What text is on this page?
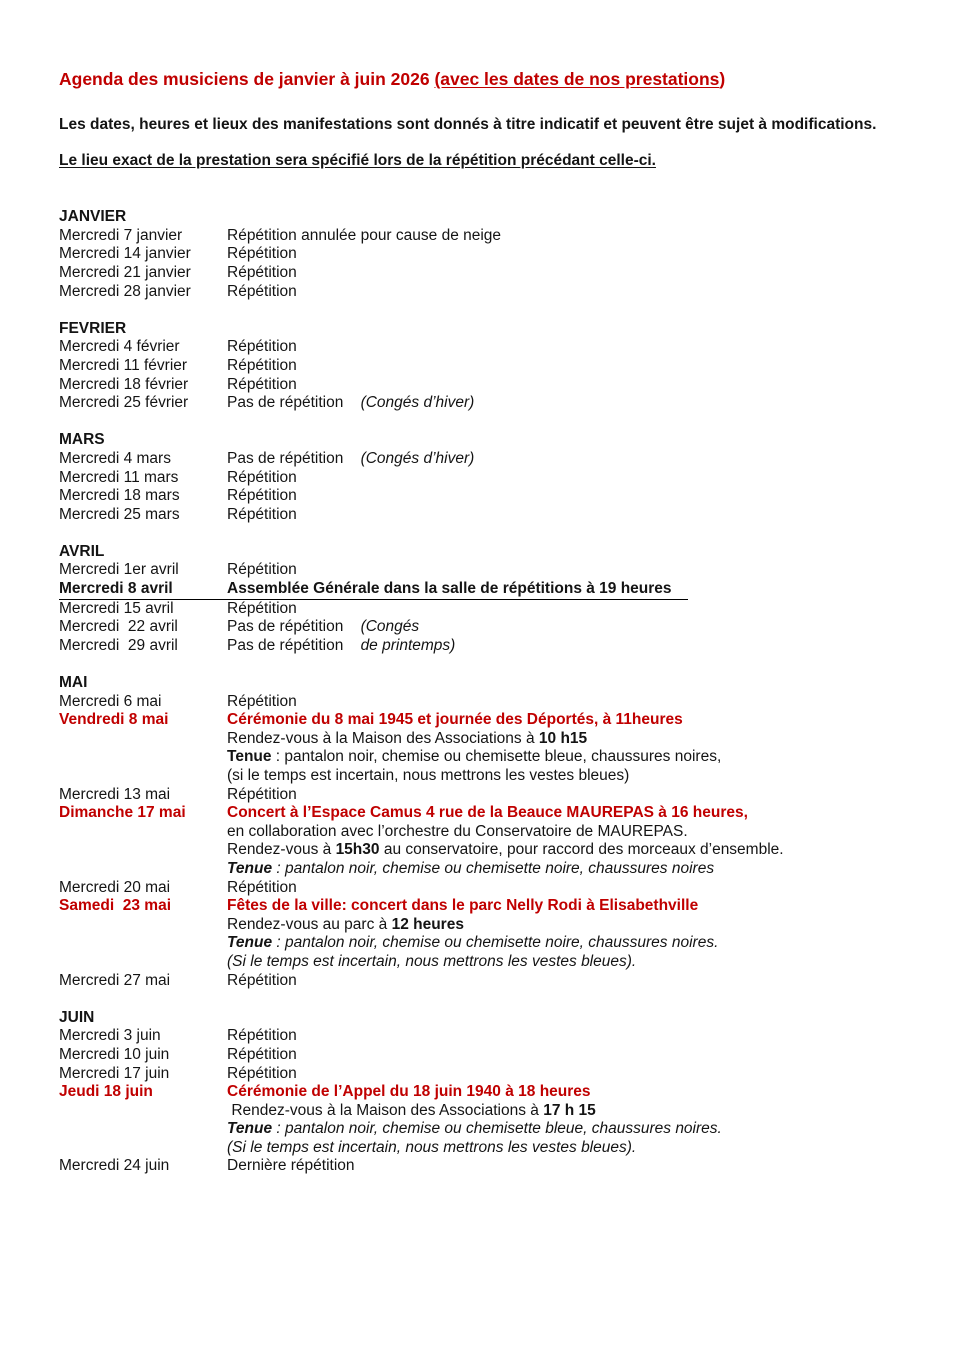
Agenda des musiciens de janvier à juin 2026 (avec les dates de nos prestations)

Les dates, heures et lieux des manifestations sont donnés à titre indicatif et peuvent être sujet à modifications.

Le lieu exact de la prestation sera spécifié lors de la répétition précédant celle-ci.

JANVIER
Mercredi 7 janvier	Répétition annulée pour cause de neige
Mercredi 14 janvier	Répétition
Mercredi 21 janvier	Répétition
Mercredi 28 janvier	Répétition
FEVRIER
Mercredi 4 février	Répétition
Mercredi 11 février	Répétition
Mercredi 18 février	Répétition
Mercredi 25 février	Pas de répétition    (Congés d’hiver)
MARS
Mercredi 4 mars	Pas de répétition    (Congés d’hiver)
Mercredi 11 mars	Répétition
Mercredi 18 mars	Répétition
Mercredi 25 mars	Répétition
AVRIL
Mercredi 1er avril	Répétition
Mercredi 8 avril	Assemblée Générale dans la salle de répétitions à 19 heures
Mercredi 15 avril	Répétition
Mercredi  22 avril	Pas de répétition    (Congés
Mercredi  29 avril	Pas de répétition    de printemps)
MAI
Mercredi 6 mai	Répétition
Vendredi 8 mai	Cérémonie du 8 mai 1945 et journée des Déportés, à 11heures
Rendez-vous à la Maison des Associations à 10 h15
Tenue : pantalon noir, chemise ou chemisette bleue, chaussures noires,
(si le temps est incertain, nous mettrons les vestes bleues)
Mercredi 13 mai	Répétition
Dimanche 17 mai	Concert à l’Espace Camus 4 rue de la Beauce MAUREPAS à 16 heures,
en collaboration avec l’orchestre du Conservatoire de MAUREPAS.
Rendez-vous à 15h30 au conservatoire, pour raccord des morceaux d’ensemble.
Tenue : pantalon noir, chemise ou chemisette noire, chaussures noires
Mercredi 20 mai	Répétition
Samedi  23 mai	Fêtes de la ville: concert dans le parc Nelly Rodi à Elisabethville
Rendez-vous au parc à 12 heures
Tenue : pantalon noir, chemise ou chemisette noire, chaussures noires.
(Si le temps est incertain, nous mettrons les vestes bleues).
Mercredi 27 mai	Répétition
JUIN
Mercredi 3 juin	Répétition
Mercredi 10 juin	Répétition
Mercredi 17 juin	Répétition
Jeudi 18 juin	Cérémonie de l’Appel du 18 juin 1940 à 18 heures
Rendez-vous à la Maison des Associations à 17 h 15
Tenue : pantalon noir, chemise ou chemisette bleue, chaussures noires.
(Si le temps est incertain, nous mettrons les vestes bleues).
Mercredi 24 juin	Dernière répétition
